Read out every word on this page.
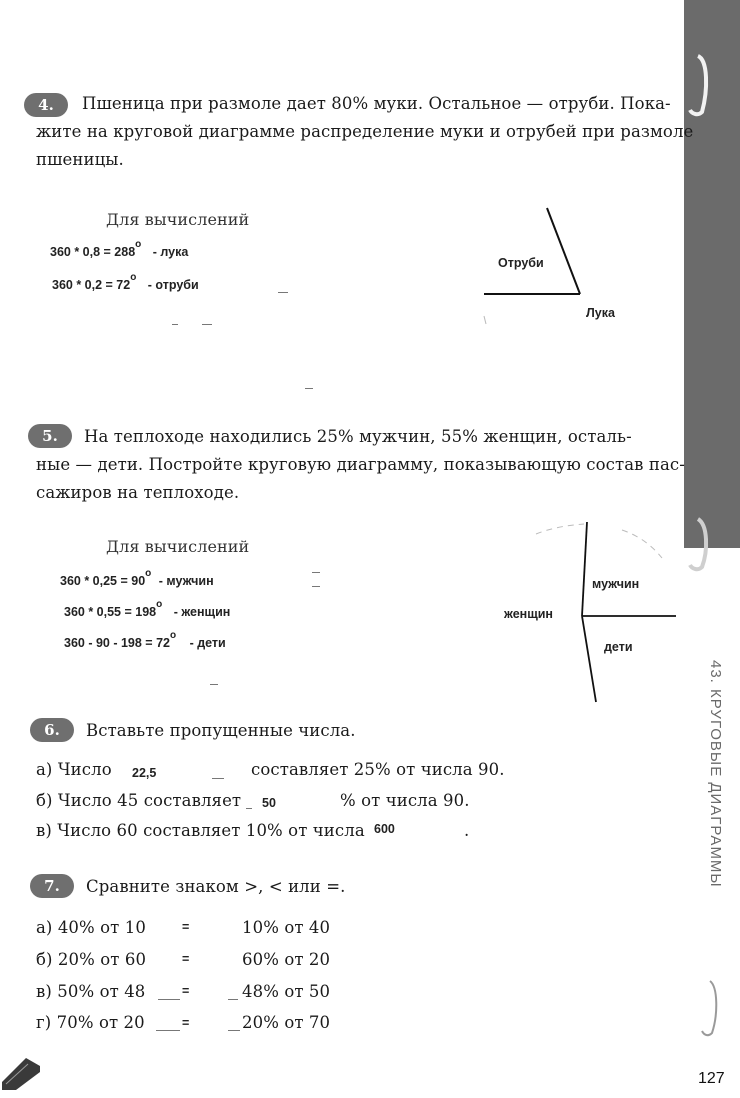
43. КРУГОВЫЕ ДИАГРАММЫ
4.	Пшеница при размоле дает 80% муки. Остальное — отруби. Пока-
жите на круговой диаграмме распределение муки и отрубей при размоле
пшеницы.
Для вычислений
$360 * 0,8 = 288^o$ - лука
$360 * 0,2 = 72^o$ - отруби
Отруби
Лука
5.	На теплоходе находились 25% мужчин, 55% женщин, осталь-
ные — дети. Постройте круговую диаграмму, показывающую состав пас-
сажиров на теплоходе.
Для вычислений
$360 * 0,25 = 90^o$ - мужчин
$360 * 0,55 = 198^o$ - женщин
$360 - 90 - 198 = 72^o$ - дети
мужчин
женщин
дети
6.	Вставьте пропущенные числа.
а) Число 22,5	составляет 25% от числа 90.
б) Число 45 составляет 50	% от числа 90.
в) Число 60 составляет 10% от числа 600	.
7.	Сравните знаком >, < или =.
а) 40% от 10	=	10% от 40
б) 20% от 60	=	60% от 20
в) 50% от 48	=	48% от 50
г) 70% от 20	=	20% от 70
127
